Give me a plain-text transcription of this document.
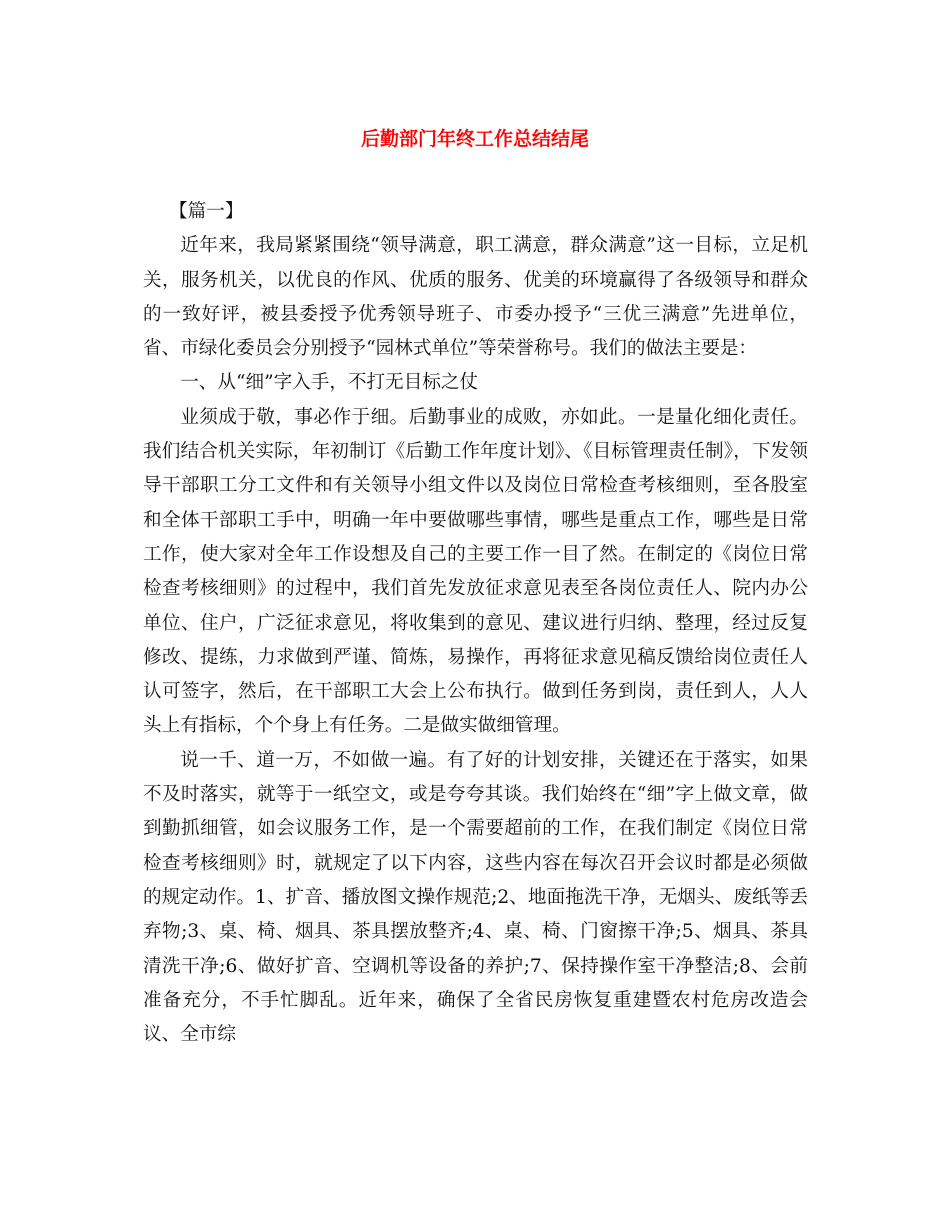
后勤部门年终工作总结结尾

【篇一】

近年来，我局紧紧围绕“领导满意，职工满意，群众满意”这一目标，立足机关，服务机关，以优良的作风、优质的服务、优美的环境赢得了各级领导和群众的一致好评，被县委授予优秀领导班子、市委办授予“三优三满意”先进单位，省、市绿化委员会分别授予“园林式单位”等荣誉称号。我们的做法主要是：

一、从“细”字入手，不打无目标之仗

业须成于敬，事必作于细。后勤事业的成败，亦如此。一是量化细化责任。我们结合机关实际，年初制订《后勤工作年度计划》、《目标管理责任制》，下发领导干部职工分工文件和有关领导小组文件以及岗位日常检查考核细则，至各股室和全体干部职工手中，明确一年中要做哪些事情，哪些是重点工作，哪些是日常工作，使大家对全年工作设想及自己的主要工作一目了然。在制定的《岗位日常检查考核细则》的过程中，我们首先发放征求意见表至各岗位责任人、院内办公单位、住户，广泛征求意见，将收集到的意见、建议进行归纳、整理，经过反复修改、提练，力求做到严谨、简炼，易操作，再将征求意见稿反馈给岗位责任人认可签字，然后，在干部职工大会上公布执行。做到任务到岗，责任到人，人人头上有指标，个个身上有任务。二是做实做细管理。

说一千、道一万，不如做一遍。有了好的计划安排，关键还在于落实，如果不及时落实，就等于一纸空文，或是夸夸其谈。我们始终在“细”字上做文章，做到勤抓细管，如会议服务工作，是一个需要超前的工作，在我们制定《岗位日常检查考核细则》时，就规定了以下内容，这些内容在每次召开会议时都是必须做的规定动作。1、扩音、播放图文操作规范;2、地面拖洗干净，无烟头、废纸等丢弃物;3、桌、椅、烟具、茶具摆放整齐;4、桌、椅、门窗擦干净;5、烟具、茶具清洗干净;6、做好扩音、空调机等设备的养护;7、保持操作室干净整洁;8、会前准备充分，不手忙脚乱。近年来，确保了全省民房恢复重建暨农村危房改造会议、全市综
